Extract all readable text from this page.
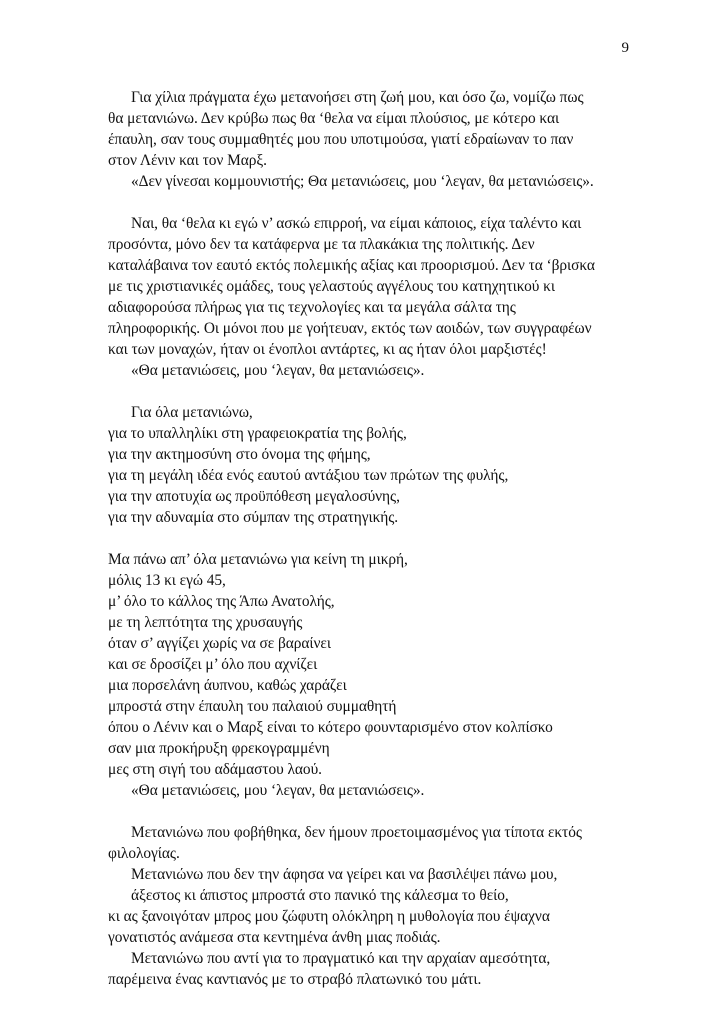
9
Για χίλια πράγματα έχω μετανοήσει στη ζωή μου, και όσο ζω, νομίζω πως
θα μετανιώνω. Δεν κρύβω πως θα ‘θελα να είμαι πλούσιος, με κότερο και
έπαυλη, σαν τους συμμαθητές μου που υποτιμούσα, γιατί εδραίωναν το παν
στον Λένιν και τον Μαρξ.
«Δεν γίνεσαι κομμουνιστής; Θα μετανιώσεις, μου ‘λεγαν, θα μετανιώσεις».
Ναι, θα ‘θελα κι εγώ ν’ ασκώ επιρροή, να είμαι κάποιος, είχα ταλέντο και
προσόντα, μόνο δεν τα κατάφερνα με τα πλακάκια της πολιτικής. Δεν
καταλάβαινα τον εαυτό εκτός πολεμικής αξίας και προορισμού. Δεν τα ‘βρισκα
με τις χριστιανικές ομάδες, τους γελαστούς αγγέλους του κατηχητικού κι
αδιαφορούσα πλήρως για τις τεχνολογίες και τα μεγάλα σάλτα της
πληροφορικής. Οι μόνοι που με γοήτευαν, εκτός των αοιδών, των συγγραφέων
και των μοναχών, ήταν οι ένοπλοι αντάρτες, κι ας ήταν όλοι μαρξιστές!
«Θα μετανιώσεις, μου ‘λεγαν, θα μετανιώσεις».
Για όλα μετανιώνω,
για το υπαλληλίκι στη γραφειοκρατία της βολής,
για την ακτημοσύνη στο όνομα της φήμης,
για τη μεγάλη ιδέα ενός εαυτού αντάξιου των πρώτων της φυλής,
για την αποτυχία ως προϋπόθεση μεγαλοσύνης,
για την αδυναμία στο σύμπαν της στρατηγικής.
Μα πάνω απ’ όλα μετανιώνω για κείνη τη μικρή,
μόλις 13 κι εγώ 45,
μ’ όλο το κάλλος της Άπω Ανατολής,
με τη λεπτότητα της χρυσαυγής
όταν σ’ αγγίζει χωρίς να σε βαραίνει
και σε δροσίζει μ’ όλο που αχνίζει
μια πορσελάνη άυπνου, καθώς χαράζει
μπροστά στην έπαυλη του παλαιού συμμαθητή
όπου ο Λένιν και ο Μαρξ είναι το κότερο φουνταρισμένο στον κολπίσκο
σαν μια προκήρυξη φρεκογραμμένη
μες στη σιγή του αδάμαστου λαού.
«Θα μετανιώσεις, μου ‘λεγαν, θα μετανιώσεις».
Μετανιώνω που φοβήθηκα, δεν ήμουν προετοιμασμένος για τίποτα εκτός
φιλολογίας.
Μετανιώνω που δεν την άφησα να γείρει και να βασιλέψει πάνω μου,
άξεστος κι άπιστος μπροστά στο πανικό της κάλεσμα το θείο,
κι ας ξανοιγόταν μπρος μου ζώφυτη ολόκληρη η μυθολογία που έψαχνα
γονατιστός ανάμεσα στα κεντημένα άνθη μιας ποδιάς.
Μετανιώνω που αντί για το πραγματικό και την αρχαίαν αμεσότητα,
παρέμεινα ένας καντιανός με το στραβό πλατωνικό του μάτι.
